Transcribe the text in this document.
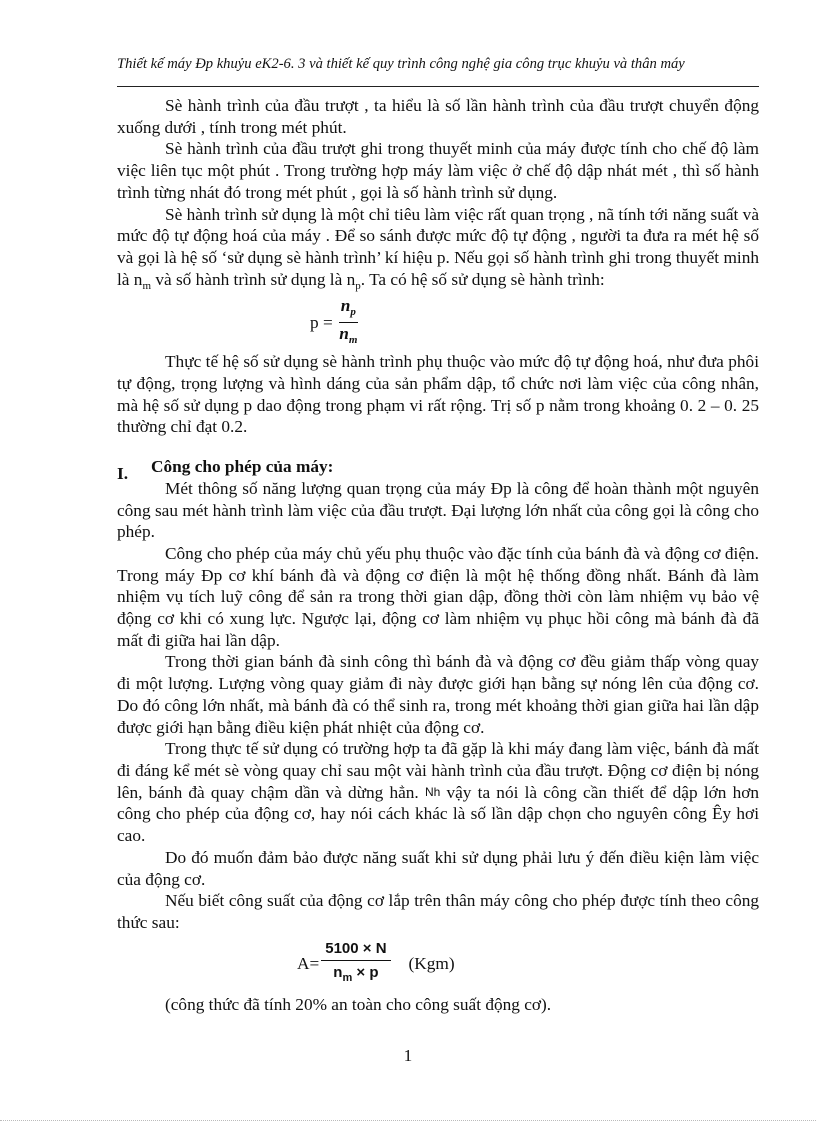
Thiết kế máy Đp khuỷu eK2-6. 3 và thiết kế quy trình công nghệ gia công trục khuỷu và thân máy

Sè hành trình của đầu trượt , ta hiểu là số lần hành trình của đầu trượt chuyển động xuống dưới , tính trong mét phút.

Sè hành trình của đầu trượt ghi trong thuyết minh của máy được tính cho chế độ làm việc liên tục một phút . Trong trường hợp máy làm việc ở chế độ dập nhát mét , thì số hành trình từng nhát đó trong mét phút , gọi là số hành trình sử dụng.

Sè hành trình sử dụng là một chỉ tiêu làm việc rất quan trọng , nã tính tới năng suất và mức độ tự động hoá của máy . Để so sánh được mức độ tự động , người ta đưa ra mét hệ số và gọi là hệ số ‘sử dụng sè hành trình’ kí hiệu p. Nếu gọi số hành trình ghi trong thuyết minh là $n_m$ và số hành trình sử dụng là $n_p$. Ta có hệ số sử dụng sè hành trình:

$p = \frac{n_p}{n_m}$

Thực tế hệ số sử dụng sè hành trình phụ thuộc vào mức độ tự động hoá, như đưa phôi tự động, trọng lượng và hình dáng của sản phẩm dập, tổ chức nơi làm việc của công nhân, mà hệ số sử dụng p dao động trong phạm vi rất rộng. Trị số p nằm trong khoảng 0. 2 – 0. 25 thường chỉ đạt 0.2.

I.	Công cho phép của máy:

Mét thông số năng lượng quan trọng của máy Đp là công để hoàn thành một nguyên công sau mét hành trình làm việc của đầu trượt. Đại lượng lớn nhất của công gọi là công cho phép.

Công cho phép của máy chủ yếu phụ thuộc vào đặc tính của bánh đà và động cơ điện. Trong máy Đp cơ khí bánh đà và động cơ điện là một hệ thống đồng nhất. Bánh đà làm nhiệm vụ tích luỹ công để sản ra trong thời gian dập, đồng thời còn làm nhiệm vụ bảo vệ động cơ khi có xung lực. Ngược lại, động cơ làm nhiệm vụ phục hồi công mà bánh đà đã mất đi giữa hai lần dập.

Trong thời gian bánh đà sinh công thì bánh đà và động cơ đều giảm thấp vòng quay đi một lượng. Lượng vòng quay giảm đi này được giới hạn bằng sự nóng lên của động cơ. Do đó công lớn nhất, mà bánh đà có thể sinh ra, trong mét khoảng thời gian giữa hai lần dập được giới hạn bằng điều kiện phát nhiệt của động cơ.

Trong thực tế sử dụng có trường hợp ta đã gặp là khi máy đang làm việc, bánh đà mất đi đáng kể mét sè vòng quay chỉ sau một vài hành trình của đầu trượt. Động cơ điện bị nóng lên, bánh đà quay chậm dần và dừng hẳn. Nh vậy ta nói là công cần thiết để dập lớn hơn công cho phép của động cơ, hay nói cách khác là số lần dập chọn cho nguyên công Êy hơi cao.

Do đó muốn đảm bảo được năng suất khi sử dụng phải lưu ý đến điều kiện làm việc của động cơ.

Nếu biết công suất của động cơ lắp trên thân máy công cho phép được tính theo công thức sau:

$A= \frac{5100 \times N}{n_m \times p} (Kgm)$

(công thức đã tính 20% an toàn cho công suất động cơ).

1
